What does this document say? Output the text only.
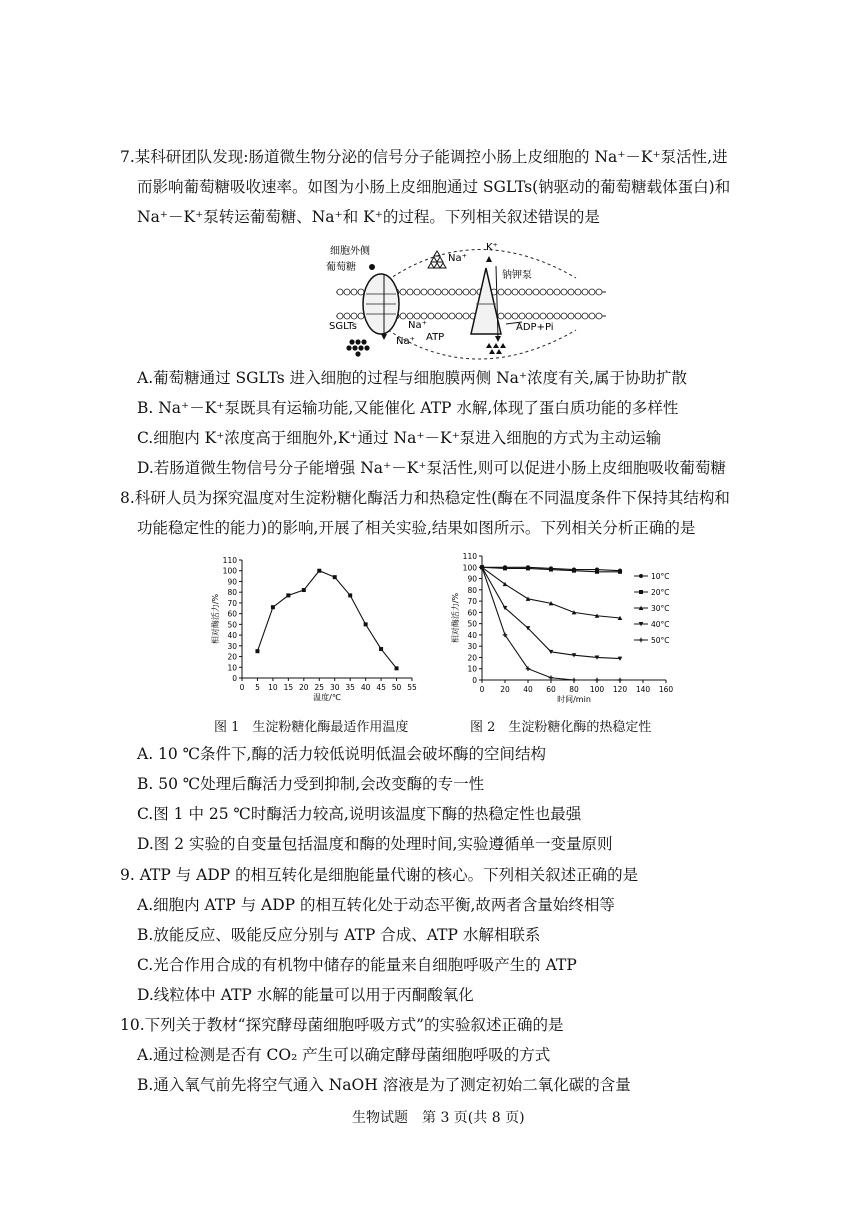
7.某科研团队发现:肠道微生物分泌的信号分子能调控小肠上皮细胞的 Na⁺－K⁺泵活性,进
而影响葡萄糖吸收速率。如图为小肠上皮细胞通过 SGLTs(钠驱动的葡萄糖载体蛋白)和
Na⁺－K⁺泵转运葡萄糖、Na⁺和 K⁺的过程。下列相关叙述错误的是
细胞外侧
葡萄糖
SGLTs
Na⁺
Na⁺
Na⁺
K⁺
钠钾泵
ATP
ADP+Pi
A.葡萄糖通过 SGLTs 进入细胞的过程与细胞膜两侧 Na⁺浓度有关,属于协助扩散
B. Na⁺－K⁺泵既具有运输功能,又能催化 ATP 水解,体现了蛋白质功能的多样性
C.细胞内 K⁺浓度高于细胞外,K⁺通过 Na⁺－K⁺泵进入细胞的方式为主动运输
D.若肠道微生物信号分子能增强 Na⁺－K⁺泵活性,则可以促进小肠上皮细胞吸收葡萄糖
8.科研人员为探究温度对生淀粉糖化酶活力和热稳定性(酶在不同温度条件下保持其结构和
功能稳定性的能力)的影响,开展了相关实验,结果如图所示。下列相关分析正确的是
0
10
20
30
40
50
60
70
80
90
100
110
0 5 10 15 20 25 30 35 40 45 50 55
温度/℃
相对酶活力/%
0
10
20
30
40
50
60
70
80
90
100
110
0 20 40 60 80 100 120 140 160
时间/min
相对酶活力/%
10°C
20°C
30°C
40°C
50°C
图 1　生淀粉糖化酶最适作用温度	图 2　生淀粉糖化酶的热稳定性
A. 10 ℃条件下,酶的活力较低说明低温会破坏酶的空间结构
B. 50 ℃处理后酶活力受到抑制,会改变酶的专一性
C.图 1 中 25 ℃时酶活力较高,说明该温度下酶的热稳定性也最强
D.图 2 实验的自变量包括温度和酶的处理时间,实验遵循单一变量原则
9. ATP 与 ADP 的相互转化是细胞能量代谢的核心。下列相关叙述正确的是
A.细胞内 ATP 与 ADP 的相互转化处于动态平衡,故两者含量始终相等
B.放能反应、吸能反应分别与 ATP 合成、ATP 水解相联系
C.光合作用合成的有机物中储存的能量来自细胞呼吸产生的 ATP
D.线粒体中 ATP 水解的能量可以用于丙酮酸氧化
10.下列关于教材“探究酵母菌细胞呼吸方式”的实验叙述正确的是
A.通过检测是否有 CO₂ 产生可以确定酵母菌细胞呼吸的方式
B.通入氧气前先将空气通入 NaOH 溶液是为了测定初始二氧化碳的含量
生物试题　第 3 页(共 8 页)
